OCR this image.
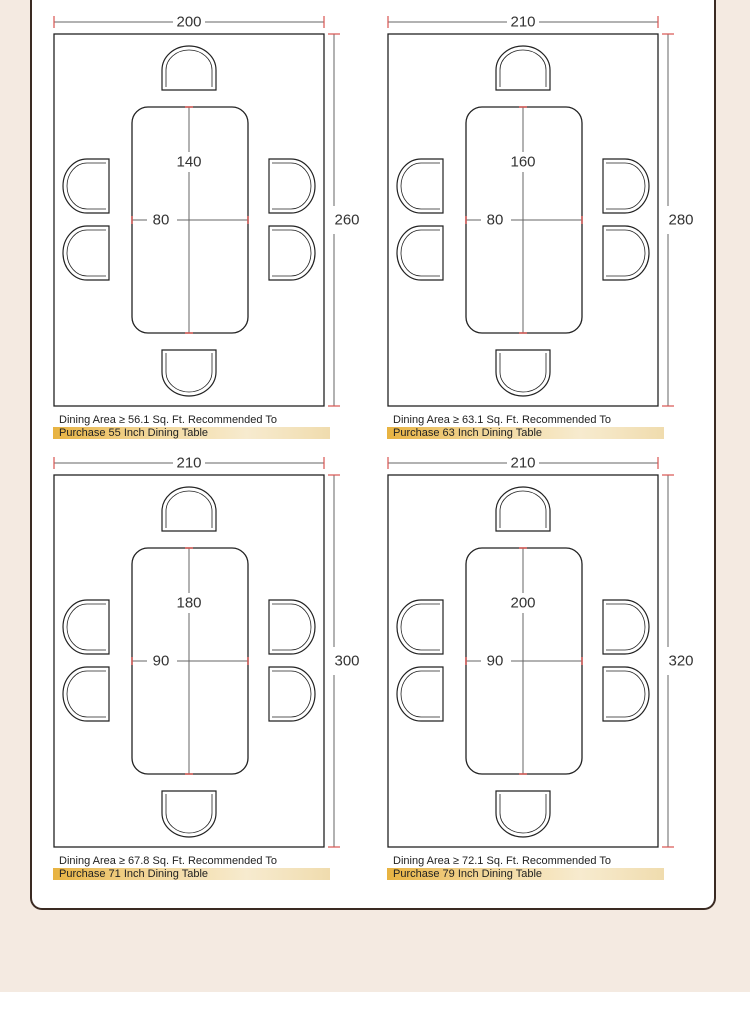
200
260
140
80
210
280
160
80
210
300
180
90
210
320
200
90
Dining Area ≥ 56.1 Sq. Ft. Recommended To
Purchase 55 Inch Dining Table
Dining Area ≥ 63.1 Sq. Ft. Recommended To
Purchase 63 Inch Dining Table
Dining Area ≥ 67.8 Sq. Ft. Recommended To
Purchase 71 Inch Dining Table
Dining Area ≥ 72.1 Sq. Ft. Recommended To
Purchase 79 Inch Dining Table
